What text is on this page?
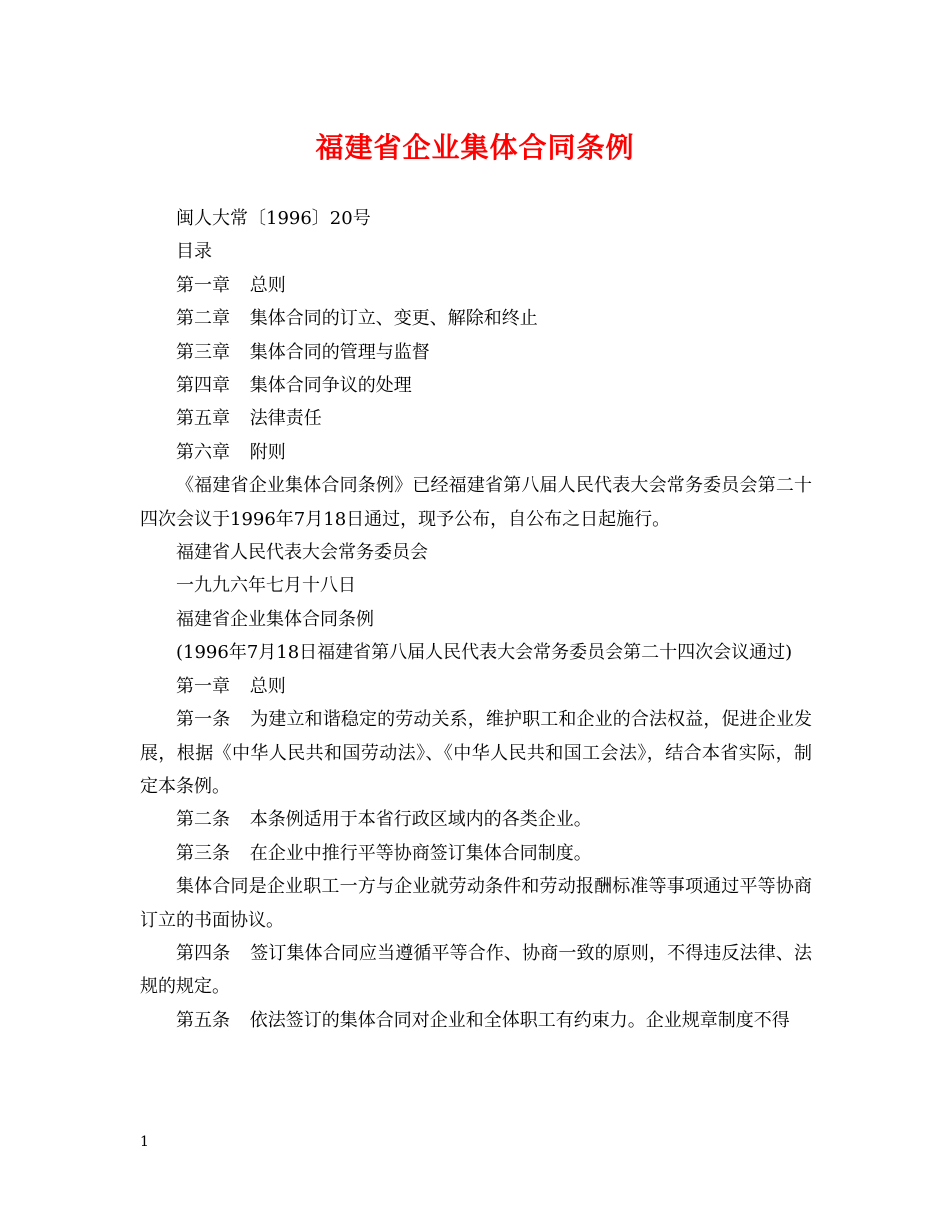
福建省企业集体合同条例

闽人大常〔1996〕20号

目录

第一章 总则

第二章 集体合同的订立、变更、解除和终止

第三章 集体合同的管理与监督

第四章 集体合同争议的处理

第五章 法律责任

第六章 附则

《福建省企业集体合同条例》已经福建省第八届人民代表大会常务委员会第二十四次会议于1996年7月18日通过，现予公布，自公布之日起施行。

福建省人民代表大会常务委员会

一九九六年七月十八日

福建省企业集体合同条例

(1996年7月18日福建省第八届人民代表大会常务委员会第二十四次会议通过)

第一章 总则

第一条 为建立和谐稳定的劳动关系，维护职工和企业的合法权益，促进企业发展，根据《中华人民共和国劳动法》、《中华人民共和国工会法》，结合本省实际，制定本条例。

第二条 本条例适用于本省行政区域内的各类企业。

第三条 在企业中推行平等协商签订集体合同制度。

集体合同是企业职工一方与企业就劳动条件和劳动报酬标准等事项通过平等协商订立的书面协议。

第四条 签订集体合同应当遵循平等合作、协商一致的原则，不得违反法律、法规的规定。

第五条 依法签订的集体合同对企业和全体职工有约束力。企业规章制度不得

1
